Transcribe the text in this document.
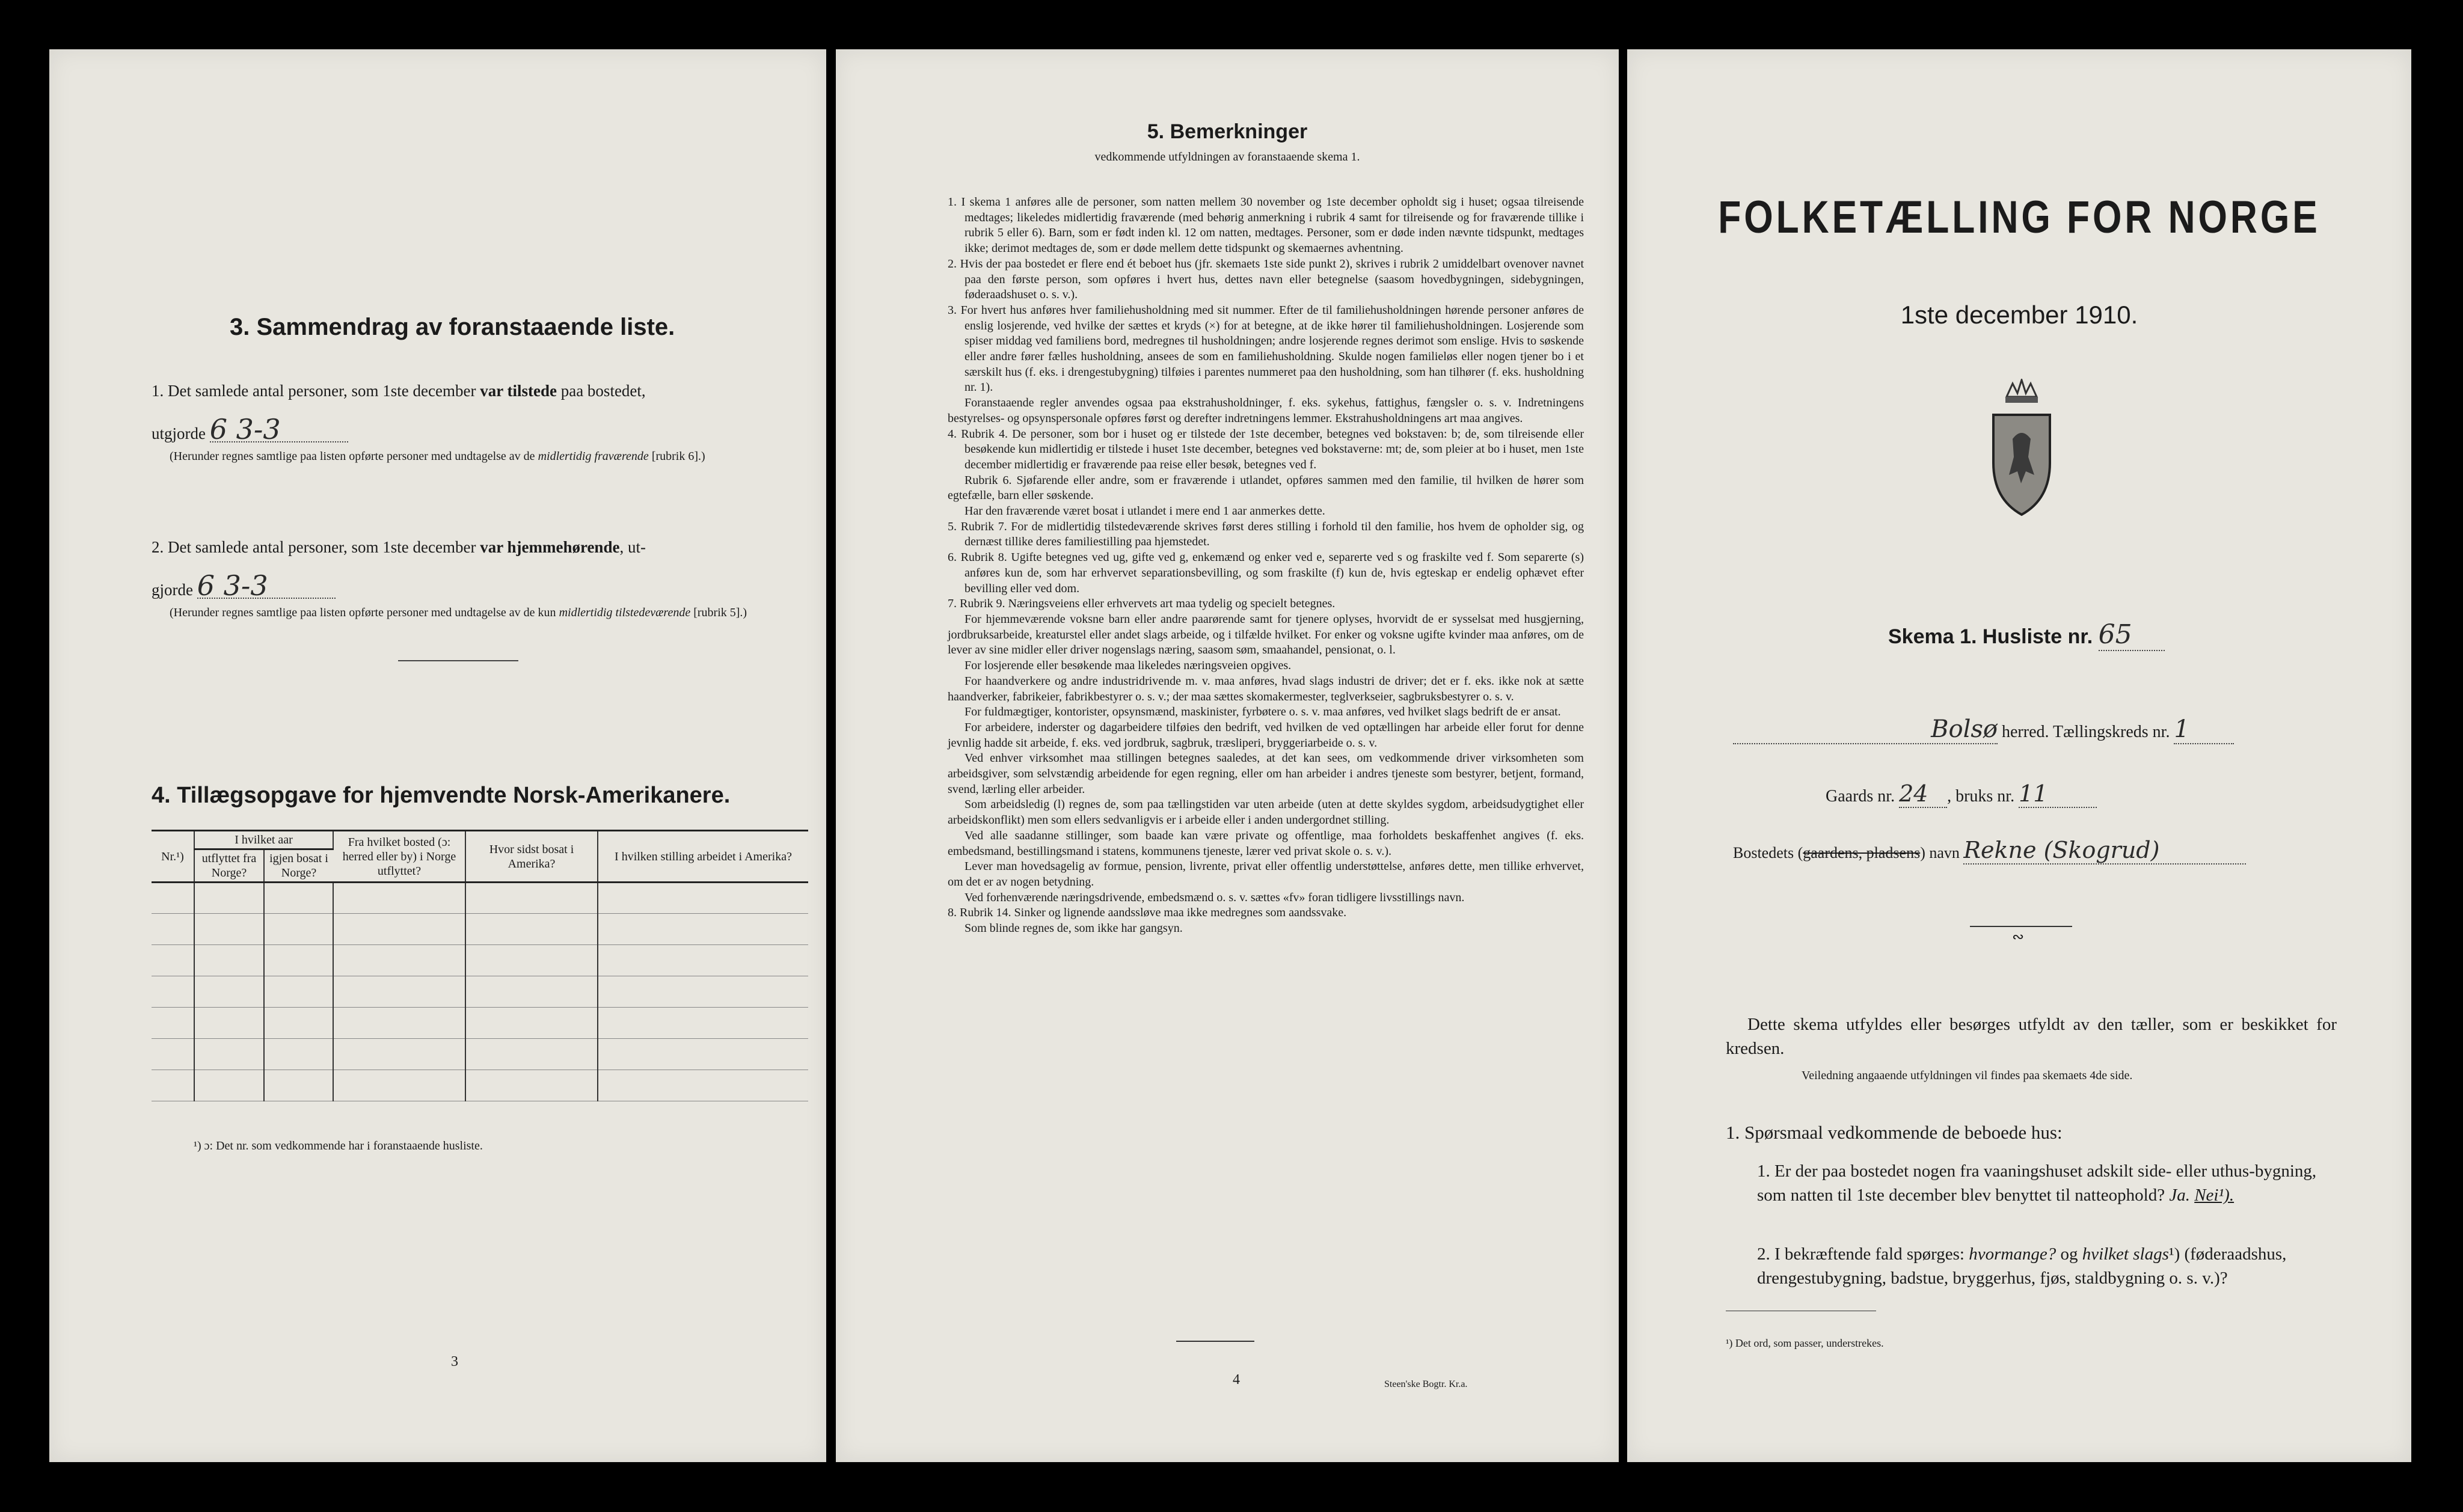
3. Sammendrag av foranstaaende liste.
1. Det samlede antal personer, som 1ste december var tilstede paa bostedet,
utgjorde 6 3-3
(Herunder regnes samtlige paa listen opførte personer med undtagelse av de midlertidig fraværende [rubrik 6].)
2. Det samlede antal personer, som 1ste december var hjemmehørende, ut-
gjorde 6 3-3
(Herunder regnes samtlige paa listen opførte personer med undtagelse av de kun midlertidig tilstedeværende [rubrik 5].)
4. Tillægsopgave for hjemvendte Norsk-Amerikanere.
Nr.¹)	I hvilket aar		Fra hvilket bosted (ɔ: herred eller by) i Norge utflyttet?	Hvor sidst bosat i Amerika?	I hvilken stilling arbeidet i Amerika?
	utflyttet fra Norge?	igjen bosat i Norge?			

¹) ɔ: Det nr. som vedkommende har i foranstaaende husliste.
3
5. Bemerkninger
vedkommende utfyldningen av foranstaaende skema 1.

1. I skema 1 anføres alle de personer, som natten mellem 30 november og 1ste december opholdt sig i huset; ogsaa tilreisende medtages; likeledes midlertidig fraværende (med behørig anmerkning i rubrik 4 samt for tilreisende og for fraværende tillike i rubrik 5 eller 6). Barn, som er født inden kl. 12 om natten, medtages. Personer, som er døde inden nævnte tidspunkt, medtages ikke; derimot medtages de, som er døde mellem dette tidspunkt og skemaernes avhentning.

2. Hvis der paa bostedet er flere end ét beboet hus (jfr. skemaets 1ste side punkt 2), skrives i rubrik 2 umiddelbart ovenover navnet paa den første person, som opføres i hvert hus, dettes navn eller betegnelse (saasom hovedbygningen, sidebygningen, føderaadshuset o. s. v.).

3. For hvert hus anføres hver familiehusholdning med sit nummer. Efter de til familiehusholdningen hørende personer anføres de enslig losjerende, ved hvilke der sættes et kryds (×) for at betegne, at de ikke hører til familiehusholdningen. Losjerende som spiser middag ved familiens bord, medregnes til husholdningen; andre losjerende regnes derimot som enslige. Hvis to søskende eller andre fører fælles husholdning, ansees de som en familiehusholdning. Skulde nogen familieløs eller nogen tjener bo i et særskilt hus (f. eks. i drengestubygning) tilføies i parentes nummeret paa den husholdning, som han tilhører (f. eks. husholdning nr. 1).

Foranstaaende regler anvendes ogsaa paa ekstrahusholdninger, f. eks. sykehus, fattighus, fængsler o. s. v. Indretningens bestyrelses- og opsynspersonale opføres først og derefter indretningens lemmer. Ekstrahusholdningens art maa angives.

4. Rubrik 4. De personer, som bor i huset og er tilstede der 1ste december, betegnes ved bokstaven: b; de, som tilreisende eller besøkende kun midlertidig er tilstede i huset 1ste december, betegnes ved bokstaverne: mt; de, som pleier at bo i huset, men 1ste december midlertidig er fraværende paa reise eller besøk, betegnes ved f.

Rubrik 6. Sjøfarende eller andre, som er fraværende i utlandet, opføres sammen med den familie, til hvilken de hører som egtefælle, barn eller søskende.

Har den fraværende været bosat i utlandet i mere end 1 aar anmerkes dette.

5. Rubrik 7. For de midlertidig tilstedeværende skrives først deres stilling i forhold til den familie, hos hvem de opholder sig, og dernæst tillike deres familiestilling paa hjemstedet.

6. Rubrik 8. Ugifte betegnes ved ug, gifte ved g, enkemænd og enker ved e, separerte ved s og fraskilte ved f. Som separerte (s) anføres kun de, som har erhvervet separationsbevilling, og som fraskilte (f) kun de, hvis egteskap er endelig ophævet efter bevilling eller ved dom.

7. Rubrik 9. Næringsveiens eller erhvervets art maa tydelig og specielt betegnes.

For hjemmeværende voksne barn eller andre paarørende samt for tjenere oplyses, hvorvidt de er sysselsat med husgjerning, jordbruksarbeide, kreaturstel eller andet slags arbeide, og i tilfælde hvilket. For enker og voksne ugifte kvinder maa anføres, om de lever av sine midler eller driver nogenslags næring, saasom søm, smaahandel, pensionat, o. l.

For losjerende eller besøkende maa likeledes næringsveien opgives.

For haandverkere og andre industridrivende m. v. maa anføres, hvad slags industri de driver; det er f. eks. ikke nok at sætte haandverker, fabrikeier, fabrikbestyrer o. s. v.; der maa sættes skomakermester, teglverkseier, sagbruksbestyrer o. s. v.

For fuldmægtiger, kontorister, opsynsmænd, maskinister, fyrbøtere o. s. v. maa anføres, ved hvilket slags bedrift de er ansat.

For arbeidere, inderster og dagarbeidere tilføies den bedrift, ved hvilken de ved optællingen har arbeide eller forut for denne jevnlig hadde sit arbeide, f. eks. ved jordbruk, sagbruk, træsliperi, bryggeriarbeide o. s. v.

Ved enhver virksomhet maa stillingen betegnes saaledes, at det kan sees, om vedkommende driver virksomheten som arbeidsgiver, som selvstændig arbeidende for egen regning, eller om han arbeider i andres tjeneste som bestyrer, betjent, formand, svend, lærling eller arbeider.

Som arbeidsledig (l) regnes de, som paa tællingstiden var uten arbeide (uten at dette skyldes sygdom, arbeidsudygtighet eller arbeidskonflikt) men som ellers sedvanligvis er i arbeide eller i anden undergordnet stilling.

Ved alle saadanne stillinger, som baade kan være private og offentlige, maa forholdets beskaffenhet angives (f. eks. embedsmand, bestillingsmand i statens, kommunens tjeneste, lærer ved privat skole o. s. v.).

Lever man hovedsagelig av formue, pension, livrente, privat eller offentlig understøttelse, anføres dette, men tillike erhvervet, om det er av nogen betydning.

Ved forhenværende næringsdrivende, embedsmænd o. s. v. sættes «fv» foran tidligere livsstillings navn.

8. Rubrik 14. Sinker og lignende aandssløve maa ikke medregnes som aandssvake.

Som blinde regnes de, som ikke har gangsyn.

4	Steen'ske Bogtr. Kr.a.
FOLKETÆLLING FOR NORGE
1ste december 1910.
Skema 1. Husliste nr. 65
Bolsø herred. Tællingskreds nr. 1
Gaards nr. 24 , bruks nr. 11
Bostedets (gaardens, pladsens) navn Rekne (Skogrud)
∾
Dette skema utfyldes eller besørges utfyldt av den tæller, som er beskikket for kredsen.
Veiledning angaaende utfyldningen vil findes paa skemaets 4de side.
1. Spørsmaal vedkommende de beboede hus:
1. Er der paa bostedet nogen fra vaaningshuset adskilt side- eller uthus-bygning, som natten til 1ste december blev benyttet til natteophold? Ja. Nei¹).
2. I bekræftende fald spørges: hvormange? og hvilket slags¹) (føderaadshus, drengestubygning, badstue, bryggerhus, fjøs, staldbygning o. s. v.)?
¹) Det ord, som passer, understrekes.
